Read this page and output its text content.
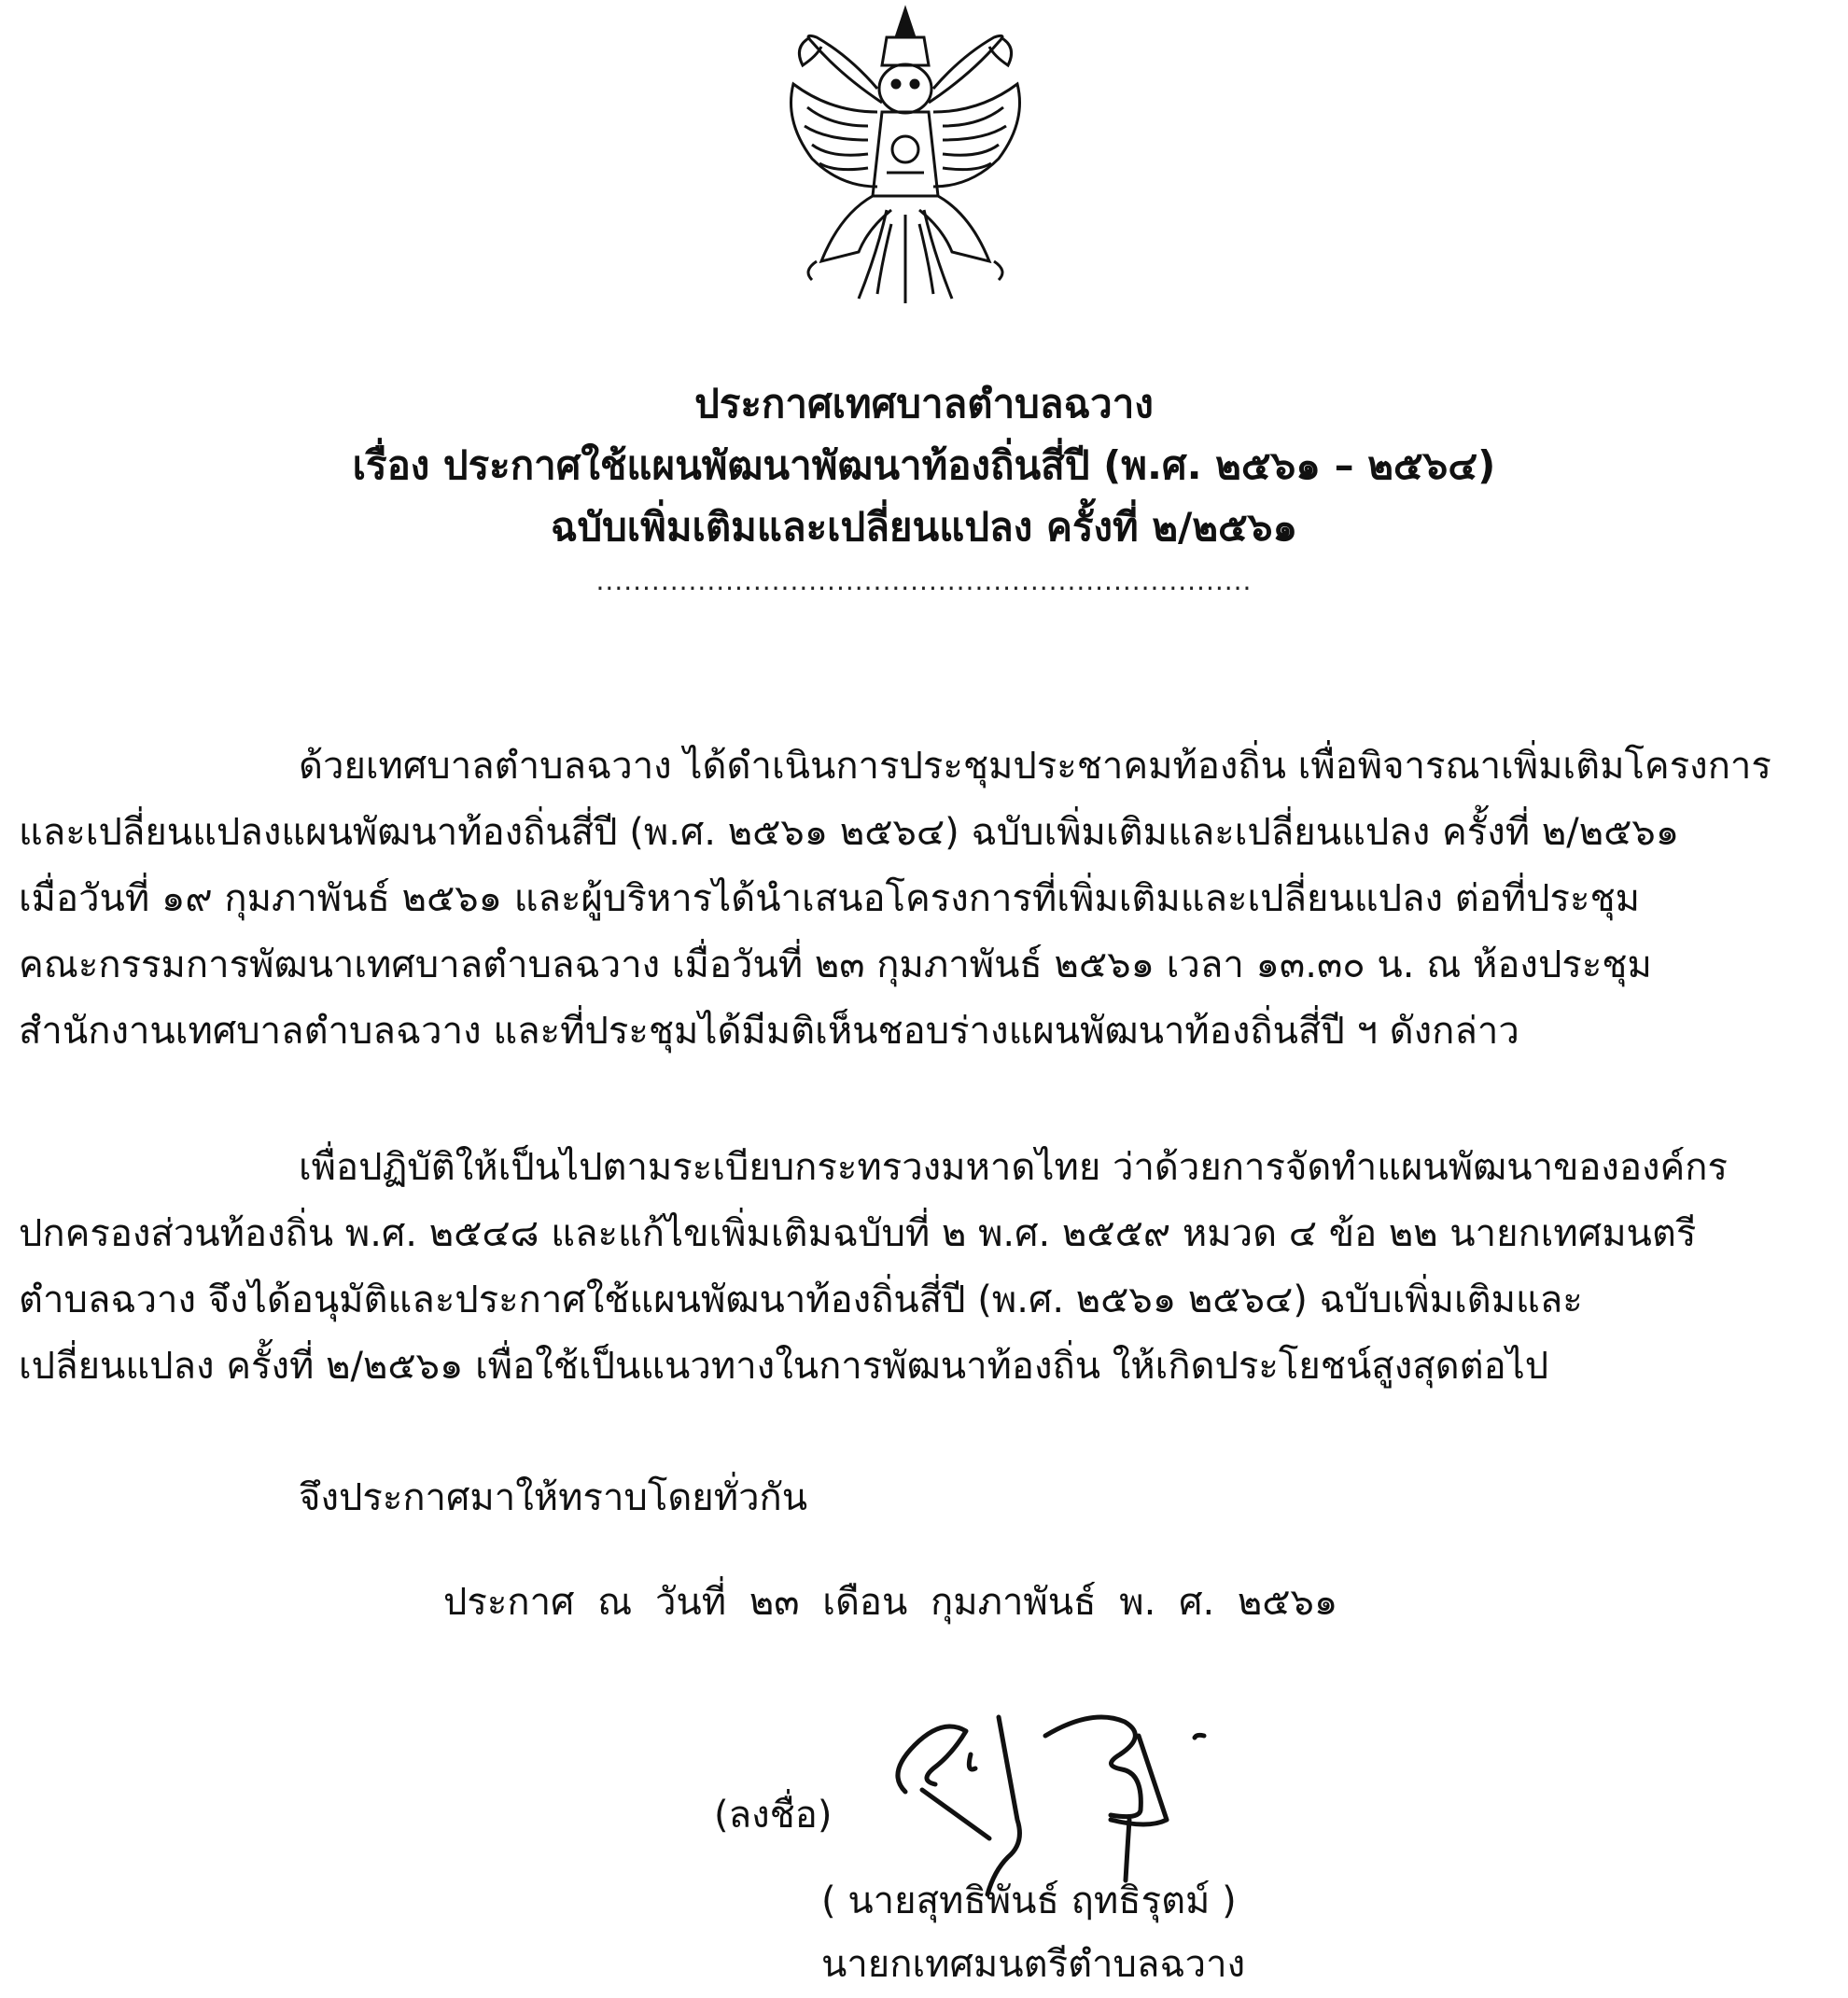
ประกาศเทศบาลตำบลฉวาง
เรื่อง ประกาศใช้แผนพัฒนาพัฒนาท้องถิ่นสี่ปี (พ.ศ. ๒๕๖๑ – ๒๕๖๔)
ฉบับเพิ่มเติมและเปลี่ยนแปลง ครั้งที่ ๒/๒๕๖๑
.......................................................................
ด้วยเทศบาลตำบลฉวาง ได้ดำเนินการประชุมประชาคมท้องถิ่น เพื่อพิจารณาเพิ่มเติมโครงการ
และเปลี่ยนแปลงแผนพัฒนาท้องถิ่นสี่ปี (พ.ศ. ๒๕๖๑ ๒๕๖๔) ฉบับเพิ่มเติมและเปลี่ยนแปลง ครั้งที่ ๒/๒๕๖๑
เมื่อวันที่ ๑๙ กุมภาพันธ์ ๒๕๖๑ และผู้บริหารได้นำเสนอโครงการที่เพิ่มเติมและเปลี่ยนแปลง ต่อที่ประชุม
คณะกรรมการพัฒนาเทศบาลตำบลฉวาง เมื่อวันที่ ๒๓ กุมภาพันธ์ ๒๕๖๑ เวลา ๑๓.๓๐ น. ณ ห้องประชุม
สำนักงานเทศบาลตำบลฉวาง และที่ประชุมได้มีมติเห็นชอบร่างแผนพัฒนาท้องถิ่นสี่ปี ฯ ดังกล่าว
เพื่อปฏิบัติให้เป็นไปตามระเบียบกระทรวงมหาดไทย ว่าด้วยการจัดทำแผนพัฒนาขององค์กร
ปกครองส่วนท้องถิ่น พ.ศ. ๒๕๔๘ และแก้ไขเพิ่มเติมฉบับที่ ๒ พ.ศ. ๒๕๕๙ หมวด ๔ ข้อ ๒๒ นายกเทศมนตรี
ตำบลฉวาง จึงได้อนุมัติและประกาศใช้แผนพัฒนาท้องถิ่นสี่ปี (พ.ศ. ๒๕๖๑ ๒๕๖๔) ฉบับเพิ่มเติมและ
เปลี่ยนแปลง ครั้งที่ ๒/๒๕๖๑ เพื่อใช้เป็นแนวทางในการพัฒนาท้องถิ่น ให้เกิดประโยชน์สูงสุดต่อไป
จึงประกาศมาให้ทราบโดยทั่วกัน
ประกาศ ณ วันที่ ๒๓ เดือน กุมภาพันธ์ พ. ศ. ๒๕๖๑
(ลงชื่อ)
( นายสุทธิพันธ์ ฤทธิรุตม์ )
นายกเทศมนตรีตำบลฉวาง
